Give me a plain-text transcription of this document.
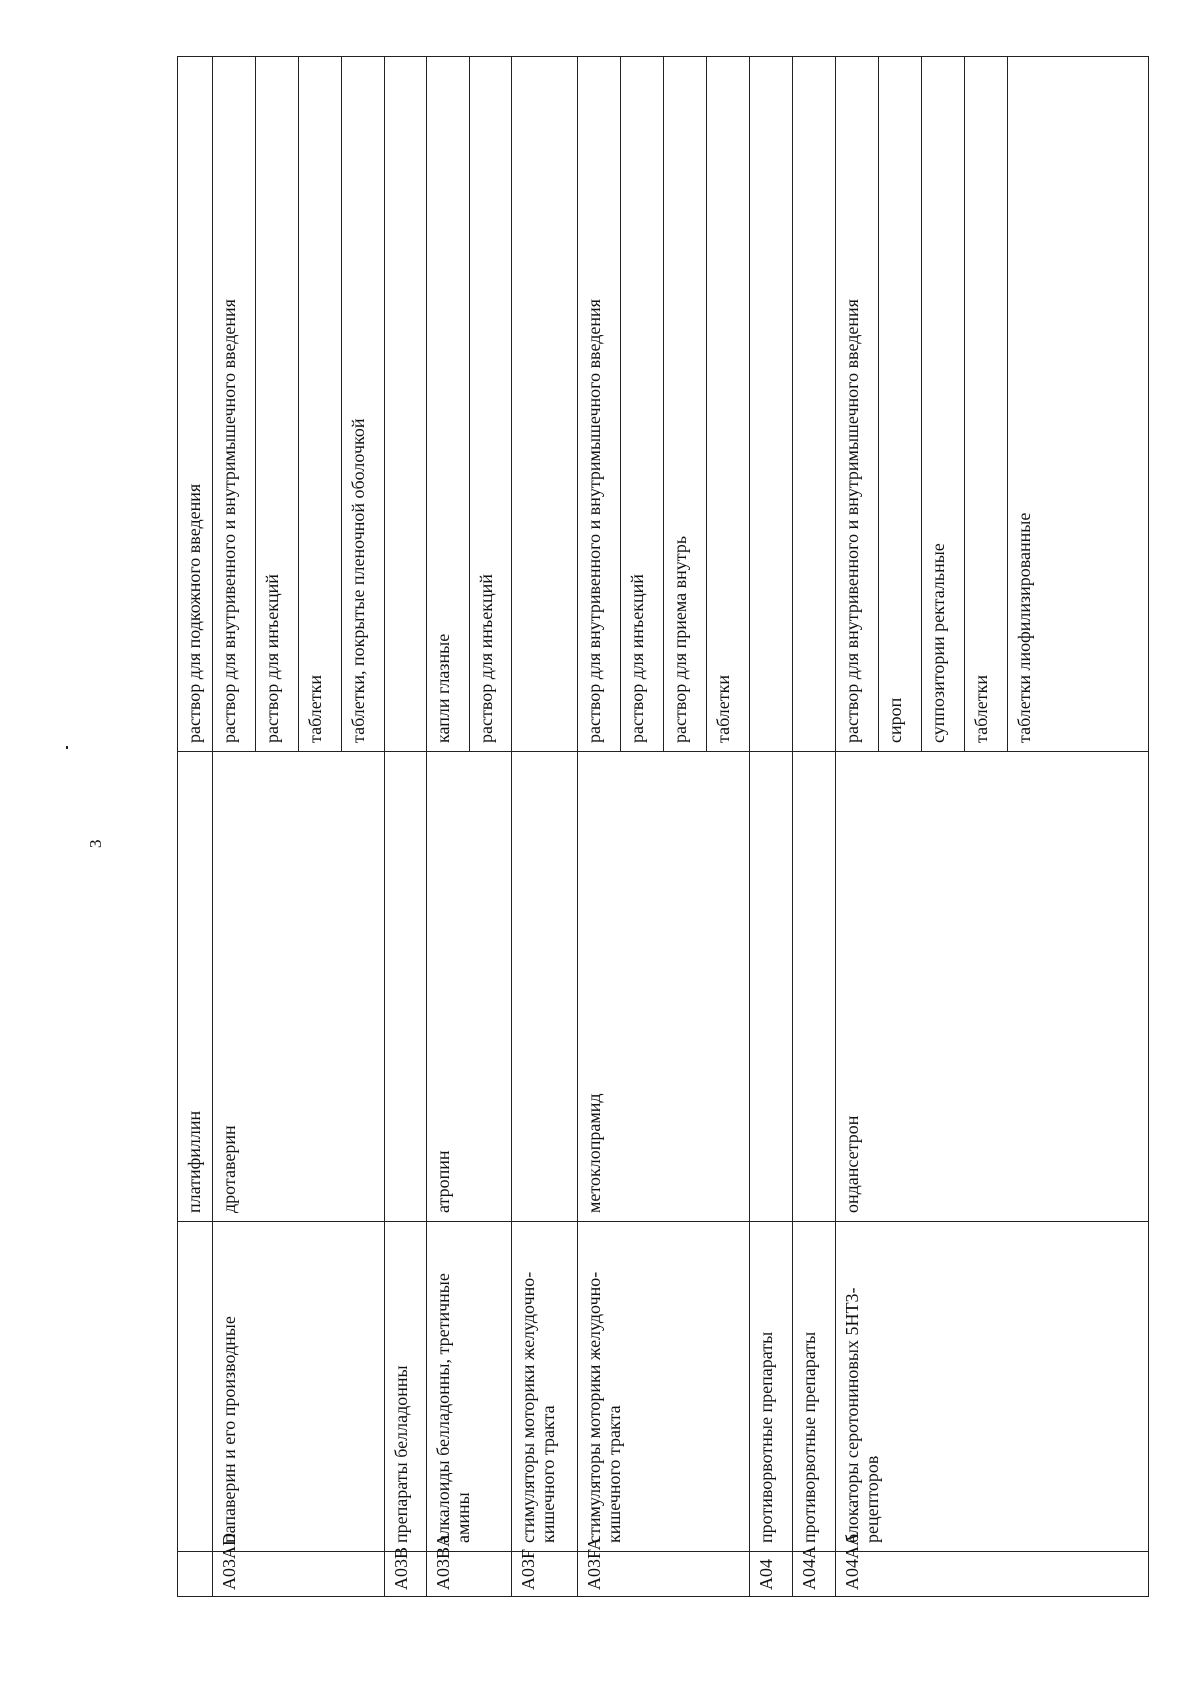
3
		платифиллин	раствор для подкожного введения
A03AD	папаверин и его производные	дротаверин	раствор для внутривенного и внутримышечного введения
			раствор для инъекций
			таблетки
			таблетки, покрытые пленочной оболочкой
A03B	препараты белладонны		
A03BA	алкалоиды белладонны, третичные амины	атропин	капли глазные
			раствор для инъекций
A03F	стимуляторы моторики желудочно-кишечного тракта		
A03FA	стимуляторы моторики желудочно-кишечного тракта	метоклопрамид	раствор для внутривенного и внутримышечного введения
			раствор для инъекций
			раствор для приема внутрь
			таблетки
A04	противорвотные препараты		
A04A	противорвотные препараты		
A04AA	блокаторы серотониновых 5HT3-рецепторов	ондансетрон	раствор для внутривенного и внутримышечного введения
			сироп
			суппозитории ректальные
			таблетки
			таблетки лиофилизированные
